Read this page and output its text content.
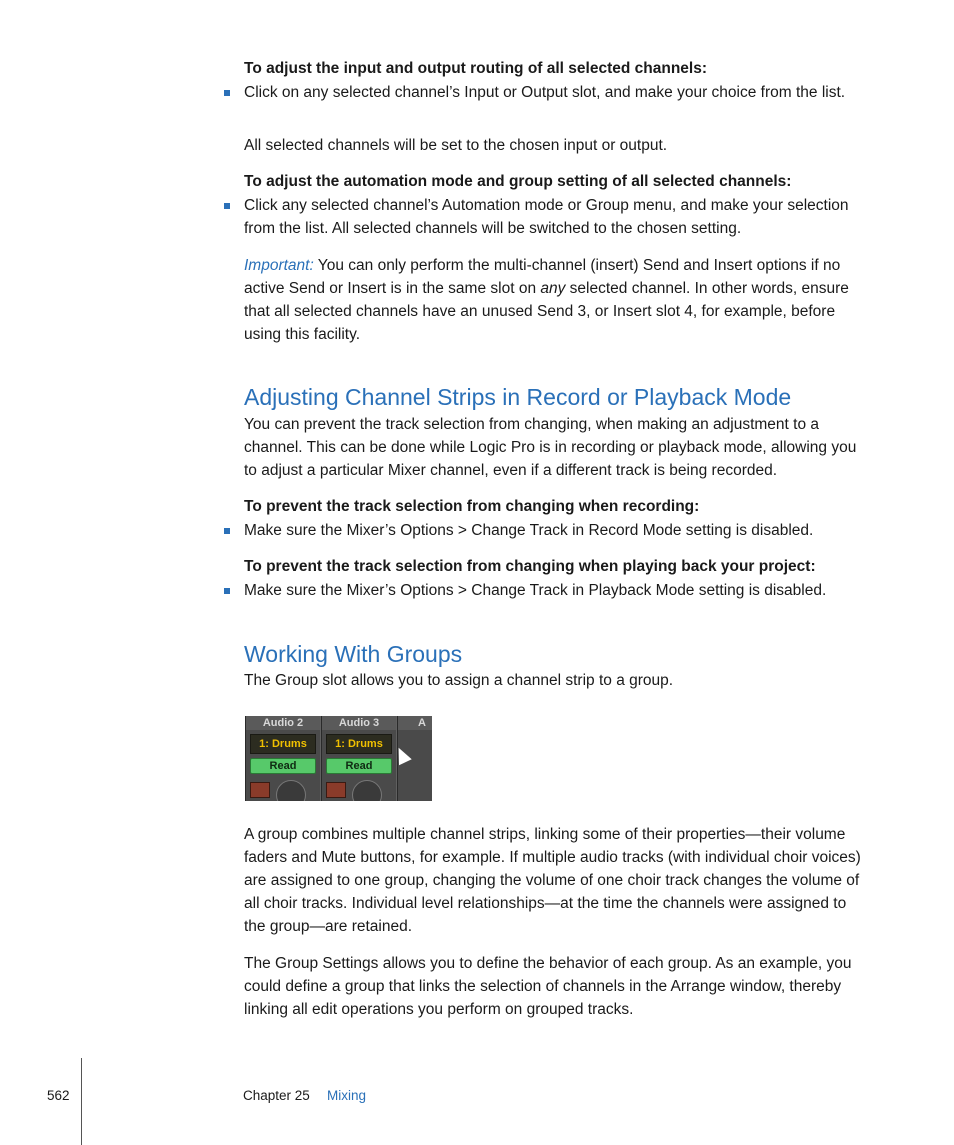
To adjust the input and output routing of all selected channels:
Click on any selected channel’s Input or Output slot, and make your choice from the list.
All selected channels will be set to the chosen input or output.
To adjust the automation mode and group setting of all selected channels:
Click any selected channel’s Automation mode or Group menu, and make your selection from the list. All selected channels will be switched to the chosen setting.
Important: You can only perform the multi-channel (insert) Send and Insert options if no active Send or Insert is in the same slot on any selected channel. In other words, ensure that all selected channels have an unused Send 3, or Insert slot 4, for example, before using this facility.
Adjusting Channel Strips in Record or Playback Mode
You can prevent the track selection from changing, when making an adjustment to a channel. This can be done while Logic Pro is in recording or playback mode, allowing you to adjust a particular Mixer channel, even if a different track is being recorded.
To prevent the track selection from changing when recording:
Make sure the Mixer’s Options > Change Track in Record Mode setting is disabled.
To prevent the track selection from changing when playing back your project:
Make sure the Mixer’s Options > Change Track in Playback Mode setting is disabled.
Working With Groups
The Group slot allows you to assign a channel strip to a group.
Audio 2
1: Drums
Read
Audio 3
1: Drums
Read
A
A group combines multiple channel strips, linking some of their properties—their volume faders and Mute buttons, for example. If multiple audio tracks (with individual choir voices) are assigned to one group, changing the volume of one choir track changes the volume of all choir tracks. Individual level relationships—at the time the channels were assigned to the group—are retained.
The Group Settings allows you to define the behavior of each group. As an example, you could define a group that links the selection of channels in the Arrange window, thereby linking all edit operations you perform on grouped tracks.
562	Chapter 25 Mixing
